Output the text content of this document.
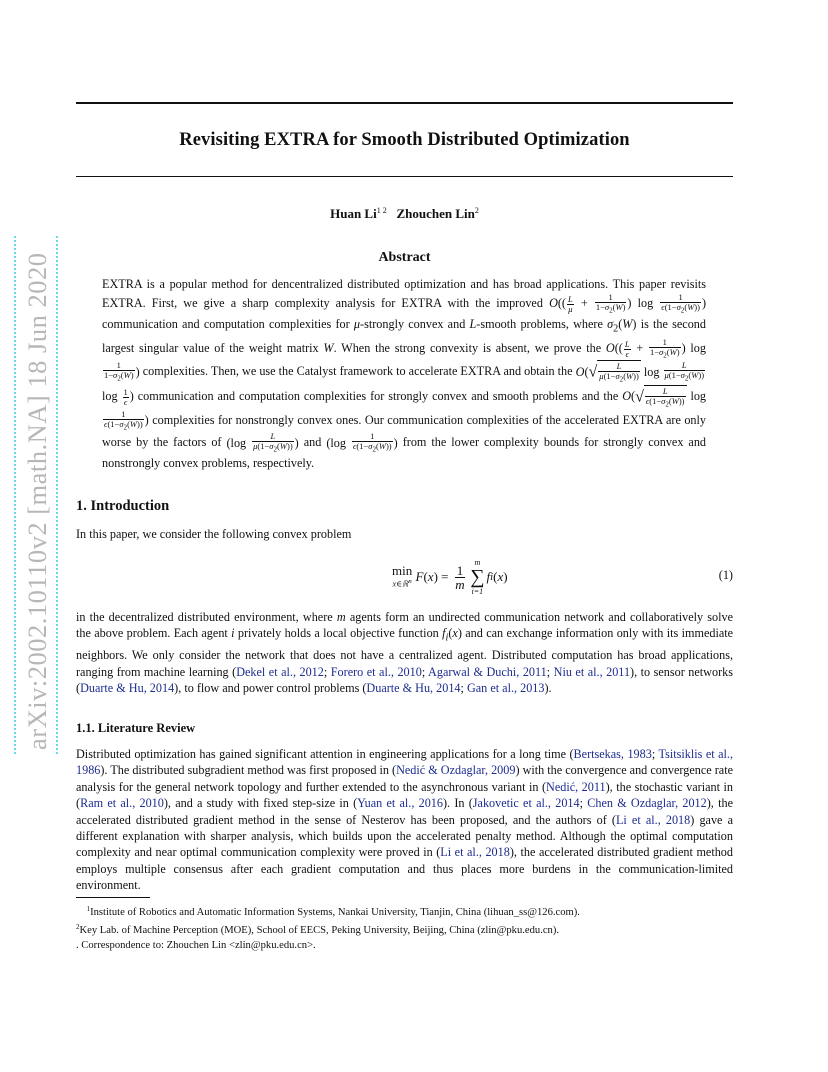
arXiv:2002.10110v2 [math.NA] 18 Jun 2020
Revisiting EXTRA for Smooth Distributed Optimization
Huan $Li^{1 2}$ Zhouchen Lin$^2$
Abstract

EXTRA is a popular method for dencentralized distributed optimization and has broad applications. This paper revisits EXTRA. First, we give a sharp complexity analysis for EXTRA with the improved $O(( \frac{L}{\mu} + \frac{1}{1-\sigma_2(W)}$ ) $\log \frac{1}{\epsilon(1-\sigma_2(W))}$ ) communication and computation complexities for μ-strongly convex and L-smooth problems, where $\sigma_2(W)$ is the second largest singular value of the weight matrix W. When the strong convexity is absent, we prove the $O(( \frac{L}{\epsilon} + \frac{1}{1-\sigma_2(W)}$ ) log
$\frac{1}{1-\sigma_2(W)}$ ) complexities. Then, we use the Catalyst framework to accelerate EXTRA and obtain the $O(√ \frac{L}{\mu(1-\sigma_2(W))}$ $\log \frac{L}{\mu(1-\sigma_2(W))}$
$\log \frac{1}{\epsilon}$ ) communication and computation complexities for strongly convex and smooth problems and the $O(√ \frac{L}{\epsilon(1-\sigma_2(W))}$ log
$\frac{1}{\epsilon(1-\sigma_2(W))}$ ) complexities for nonstrongly convex ones. Our communication complexities of the accelerated EXTRA are only worse by the factors of ($\log \frac{L}{\mu(1-\sigma_2(W))}$ ) and ($\log \frac{1}{\epsilon(1-\sigma_2(W))}$ ) from the lower complexity bounds for strongly convex and nonstrongly convex problems, respectively.

1. Introduction

In this paper, we consider the following convex problem

min
x∈ℝ$^n$
F ( x ) = $\frac{1}{m}$
m
∑
i=1
f i ( x )	(1)

in the decentralized distributed environment, where m agents form an undirected communication network and collaboratively solve the above problem. Each agent i privately holds a local objective function $f_i(x)$ and can exchange information only with its immediate neighbors. We only consider the network that does not have a centralized agent. Distributed computation has broad applications, ranging from machine learning (Dekel et al., 2012; Forero et al., 2010; Agarwal & Duchi, 2011; Niu et al., 2011), to sensor networks (Duarte & Hu, 2014), to flow and power control problems (Duarte & Hu, 2014; Gan et al., 2013).

1.1. Literature Review

Distributed optimization has gained significant attention in engineering applications for a long time (Bertsekas, 1983; Tsitsiklis et al., 1986). The distributed subgradient method was first proposed in (Nedić & Ozdaglar, 2009) with the convergence and convergence rate analysis for the general network topology and further extended to the asynchronous variant in (Nedić, 2011), the stochastic variant in (Ram et al., 2010), and a study with fixed step-size in (Yuan et al., 2016). In (Jakovetic et al., 2014; Chen & Ozdaglar, 2012), the accelerated distributed gradient method in the sense of Nesterov has been proposed, and the authors of (Li et al., 2018) gave a different explanation with sharper analysis, which builds upon the accelerated penalty method. Although the optimal computation complexity and near optimal communication complexity were proved in (Li et al., 2018), the accelerated distributed gradient method employs multiple consensus after each gradient computation and thus places more burdens in the communication-limited environment.

$^1$Institute of Robotics and Automatic Information Systems, Nankai University, Tianjin, China (lihuan_ss@126.com).

$^2$Key Lab. of Machine Perception (MOE), School of EECS, Peking University, Beijing, China (zlin@pku.edu.cn).

. Correspondence to: Zhouchen Lin <zlin@pku.edu.cn>.
